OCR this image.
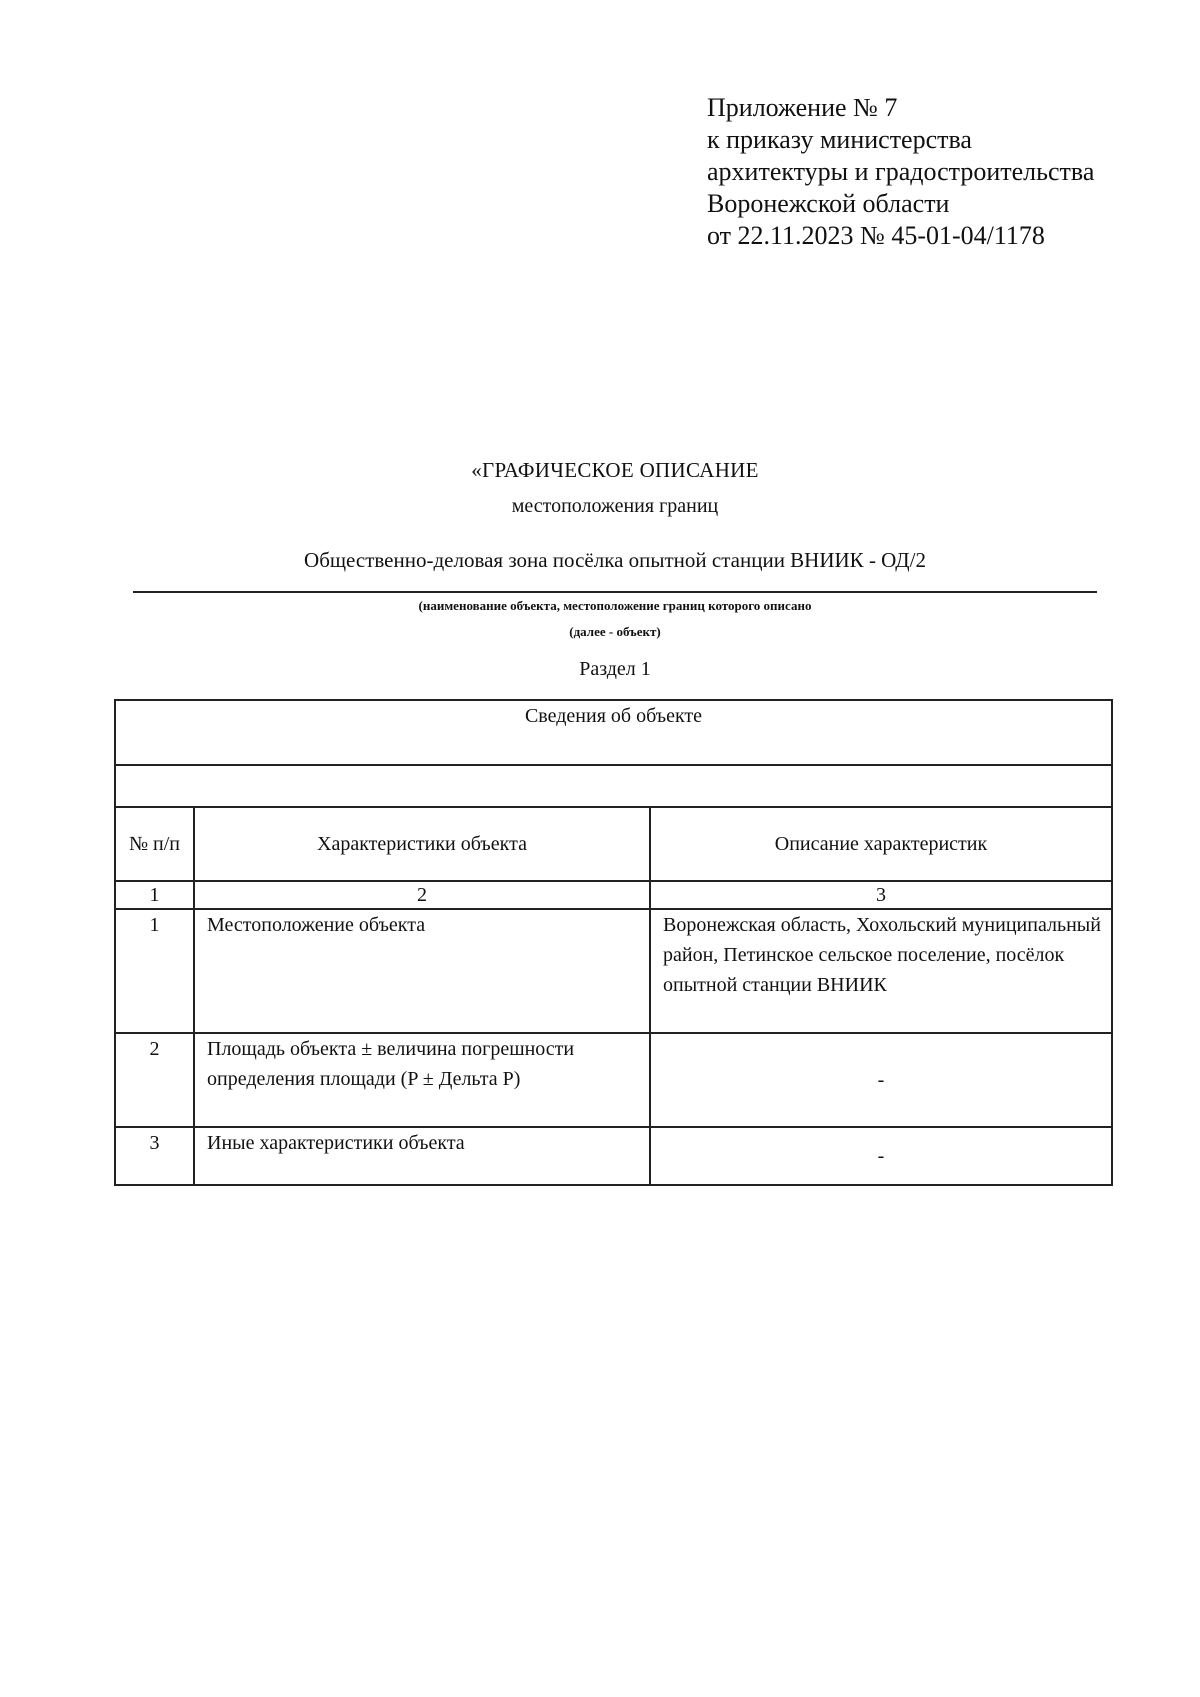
Приложение № 7
к приказу министерства
архитектуры и градостроительства
Воронежской области
от 22.11.2023 № 45-01-04/1178
«ГРАФИЧЕСКОЕ ОПИСАНИЕ
местоположения границ
Общественно-деловая зона посёлка опытной станции ВНИИК - ОД/2
(наименование объекта, местоположение границ которого описано
(далее - объект)
Раздел 1
Сведения об объекте		

№ п/п	Характеристики объекта	Описание характеристик
1	2	3
1	Местоположение объекта	Воронежская область, Хохольский муниципальный район, Петинское сельское поселение, посёлок опытной станции ВНИИК
2	Площадь объекта ± величина погрешности определения площади (P ± Дельта P)	-
3	Иные характеристики объекта	-
